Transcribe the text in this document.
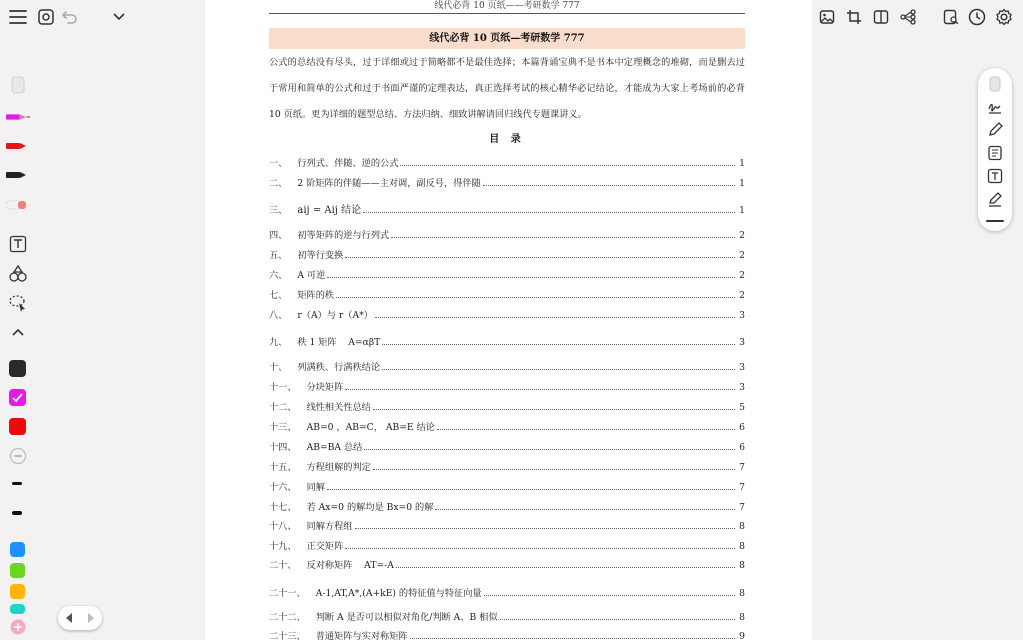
线代必背 10 页纸——考研数学 777
线代必背 10 页纸—考研数学 777
公式的总结没有尽头，过于详细或过于简略都不是最佳选择；本篇背诵宝典不是书本中定理概念的堆砌，而是删去过于常用和简单的公式和过于书面严谨的定理表达，真正选择考试的核心精华必记结论，才能成为大家上考场前的必背 10 页纸。更为详细的题型总结、方法归纳、细致讲解请回归线代专题课讲义。
目 录
一、 行列式、伴随、逆的公式	1
二、 2 阶矩阵的伴随——主对调，副反号，得伴随	1
三、 aij = Aij 结论	1
四、 初等矩阵的逆与行列式	2
五、 初等行变换	2
六、 A 可逆	2
七、 矩阵的秩	2
八、 r（A）与 r（A*）	3
九、 秩 1 矩阵    A=αβT	3
十、 列满秩、行满秩结论	3
十一、 分块矩阵	3
十二、 线性相关性总结	5
十三、 AB=0 ，AB=C， AB=E 结论	6
十四、 AB=BA 总结	6
十五、 方程组解的判定	7
十六、 同解	7
十七、 若 Ax=0 的解均是 Bx=0 的解	7
十八、 同解方程组	8
十九、 正交矩阵	8
二十、 反对称矩阵    AT=-A	8
二十一、 A-1,AT,A*,(A+kE) 的特征值与特征向量	8
二十二、 判断 A 是否可以相似对角化/判断 A、B 相似	8
二十三、 普通矩阵与实对称矩阵	9
